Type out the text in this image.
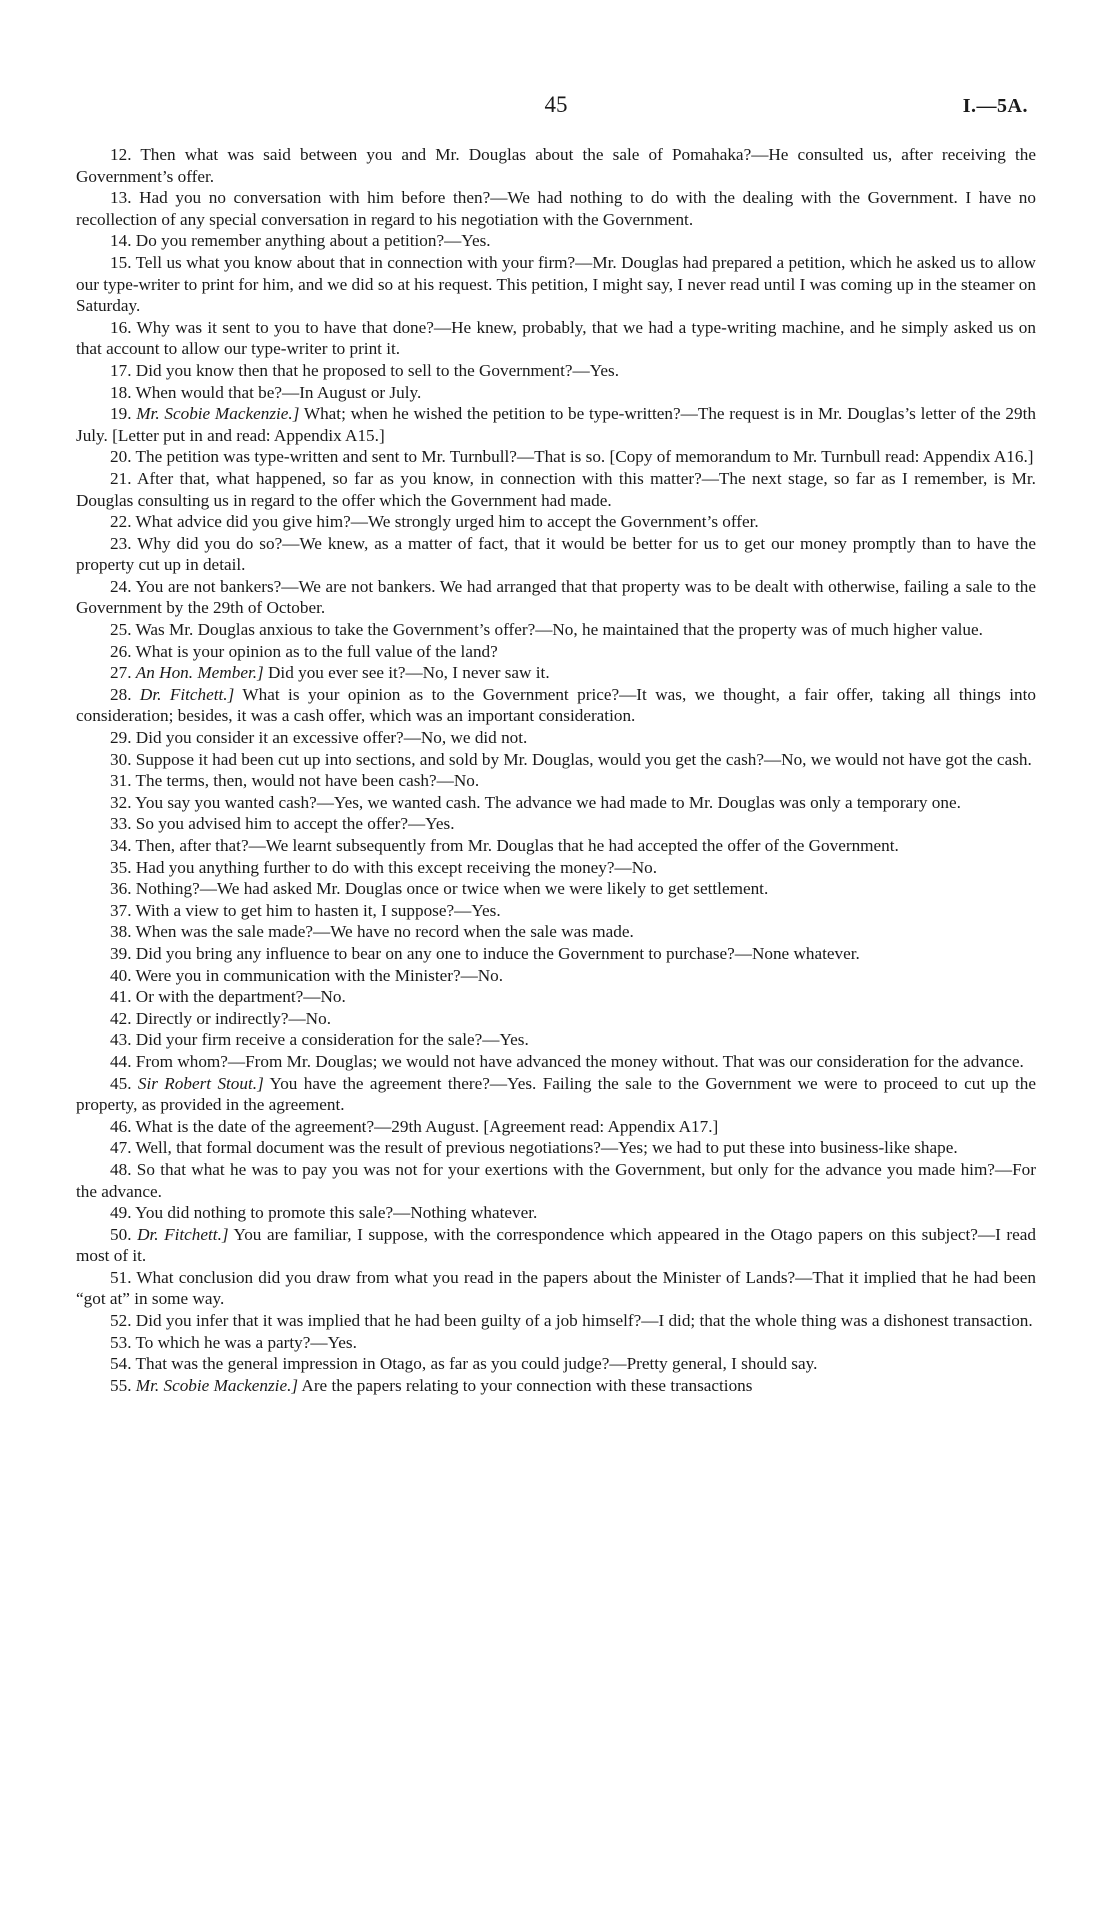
45	I.—5A.

12. Then what was said between you and Mr. Douglas about the sale of Pomahaka?—He consulted us, after receiving the Government’s offer.

13. Had you no conversation with him before then?—We had nothing to do with the dealing with the Government. I have no recollection of any special conversation in regard to his negotiation with the Government.

14. Do you remember anything about a petition?—Yes.

15. Tell us what you know about that in connection with your firm?—Mr. Douglas had prepared a petition, which he asked us to allow our type-writer to print for him, and we did so at his request. This petition, I might say, I never read until I was coming up in the steamer on Saturday.

16. Why was it sent to you to have that done?—He knew, probably, that we had a type-writing machine, and he simply asked us on that account to allow our type-writer to print it.

17. Did you know then that he proposed to sell to the Government?—Yes.

18. When would that be?—In August or July.

19. Mr. Scobie Mackenzie.] What; when he wished the petition to be type-written?—The request is in Mr. Douglas’s letter of the 29th July. [Letter put in and read: Appendix A15.]

20. The petition was type-written and sent to Mr. Turnbull?—That is so. [Copy of memorandum to Mr. Turnbull read: Appendix A16.]

21. After that, what happened, so far as you know, in connection with this matter?—The next stage, so far as I remember, is Mr. Douglas consulting us in regard to the offer which the Government had made.

22. What advice did you give him?—We strongly urged him to accept the Government’s offer.

23. Why did you do so?—We knew, as a matter of fact, that it would be better for us to get our money promptly than to have the property cut up in detail.

24. You are not bankers?—We are not bankers. We had arranged that that property was to be dealt with otherwise, failing a sale to the Government by the 29th of October.

25. Was Mr. Douglas anxious to take the Government’s offer?—No, he maintained that the property was of much higher value.

26. What is your opinion as to the full value of the land?

27. An Hon. Member.] Did you ever see it?—No, I never saw it.

28. Dr. Fitchett.] What is your opinion as to the Government price?—It was, we thought, a fair offer, taking all things into consideration; besides, it was a cash offer, which was an important consideration.

29. Did you consider it an excessive offer?—No, we did not.

30. Suppose it had been cut up into sections, and sold by Mr. Douglas, would you get the cash?—No, we would not have got the cash.

31. The terms, then, would not have been cash?—No.

32. You say you wanted cash?—Yes, we wanted cash. The advance we had made to Mr. Douglas was only a temporary one.

33. So you advised him to accept the offer?—Yes.

34. Then, after that?—We learnt subsequently from Mr. Douglas that he had accepted the offer of the Government.

35. Had you anything further to do with this except receiving the money?—No.

36. Nothing?—We had asked Mr. Douglas once or twice when we were likely to get settlement.

37. With a view to get him to hasten it, I suppose?—Yes.

38. When was the sale made?—We have no record when the sale was made.

39. Did you bring any influence to bear on any one to induce the Government to purchase?—None whatever.

40. Were you in communication with the Minister?—No.

41. Or with the department?—No.

42. Directly or indirectly?—No.

43. Did your firm receive a consideration for the sale?—Yes.

44. From whom?—From Mr. Douglas; we would not have advanced the money without. That was our consideration for the advance.

45. Sir Robert Stout.] You have the agreement there?—Yes. Failing the sale to the Government we were to proceed to cut up the property, as provided in the agreement.

46. What is the date of the agreement?—29th August. [Agreement read: Appendix A17.]

47. Well, that formal document was the result of previous negotiations?—Yes; we had to put these into business-like shape.

48. So that what he was to pay you was not for your exertions with the Government, but only for the advance you made him?—For the advance.

49. You did nothing to promote this sale?—Nothing whatever.

50. Dr. Fitchett.] You are familiar, I suppose, with the correspondence which appeared in the Otago papers on this subject?—I read most of it.

51. What conclusion did you draw from what you read in the papers about the Minister of Lands?—That it implied that he had been “got at” in some way.

52. Did you infer that it was implied that he had been guilty of a job himself?—I did; that the whole thing was a dishonest transaction.

53. To which he was a party?—Yes.

54. That was the general impression in Otago, as far as you could judge?—Pretty general, I should say.

55. Mr. Scobie Mackenzie.] Are the papers relating to your connection with these transactions
